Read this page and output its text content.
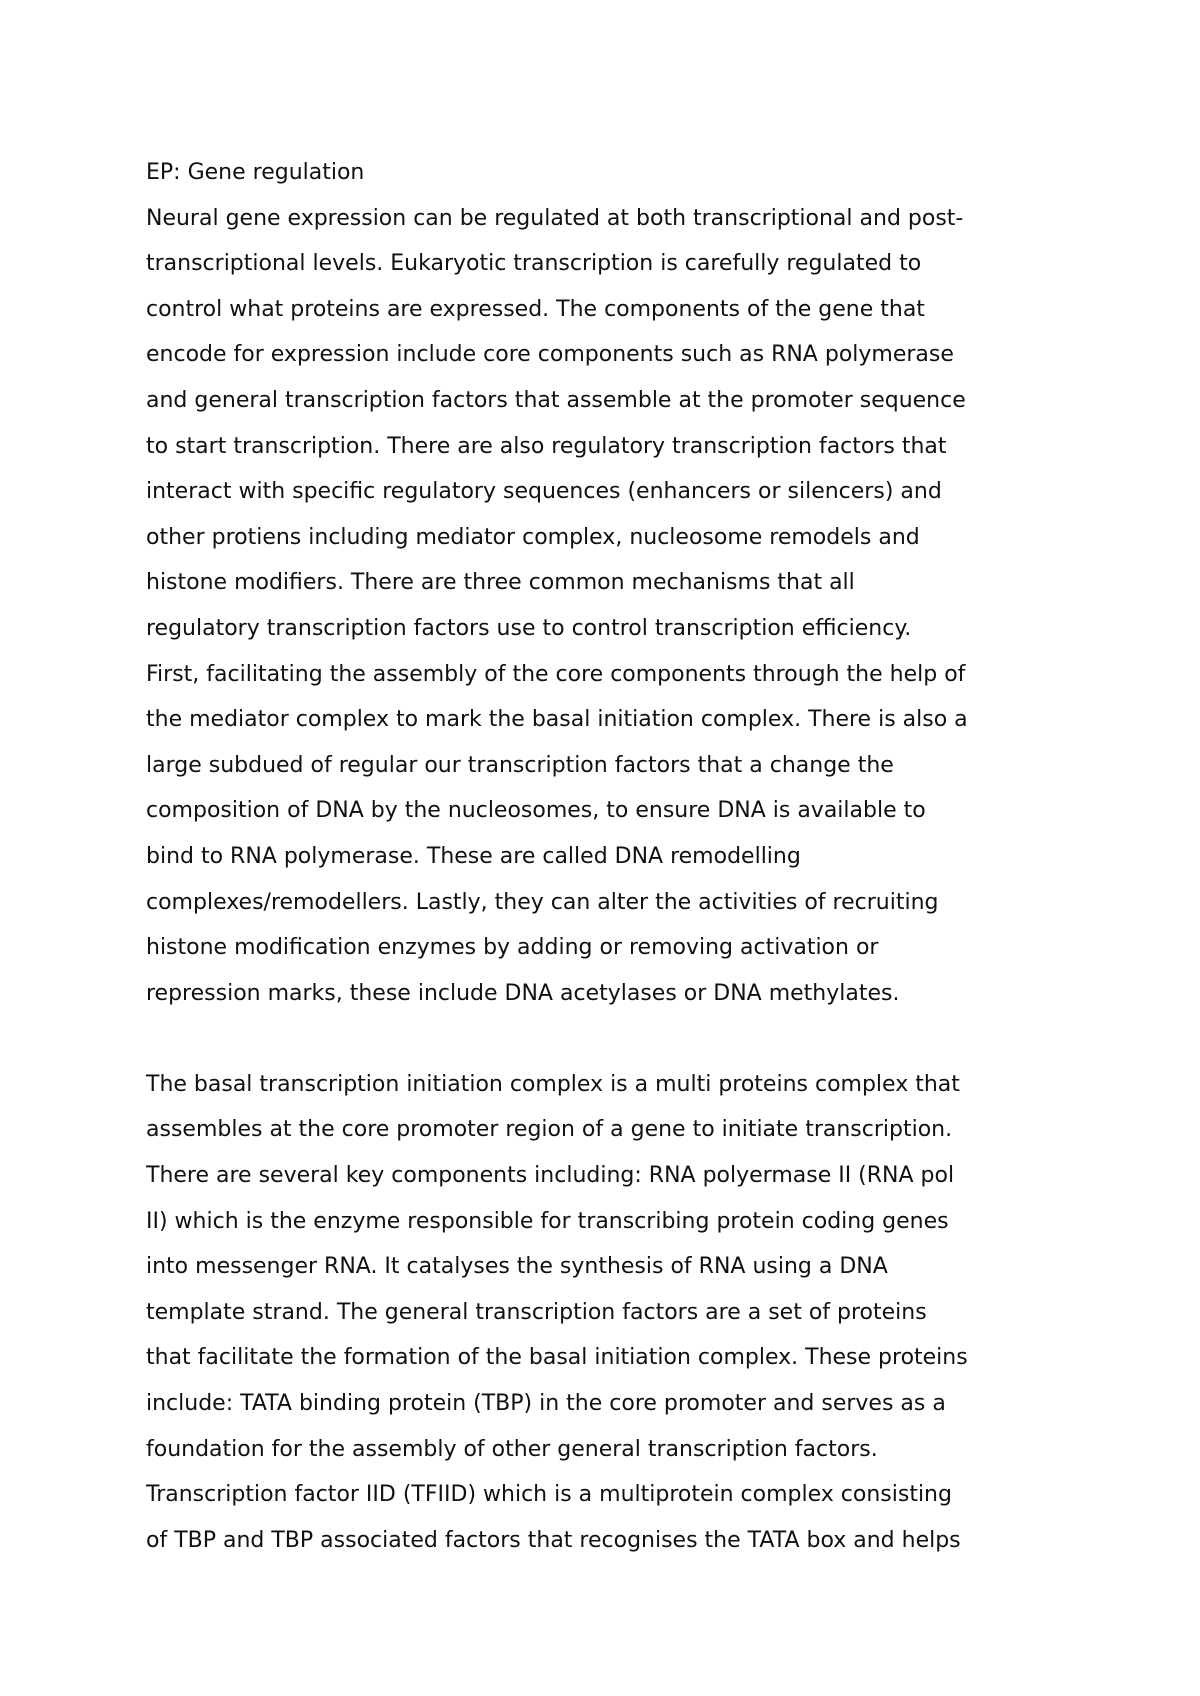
EP: Gene regulation
Neural gene expression can be regulated at both transcriptional and post-
transcriptional levels. Eukaryotic transcription is carefully regulated to
control what proteins are expressed. The components of the gene that
encode for expression include core components such as RNA polymerase
and general transcription factors that assemble at the promoter sequence
to start transcription. There are also regulatory transcription factors that
interact with specific regulatory sequences (enhancers or silencers) and
other protiens including mediator complex, nucleosome remodels and
histone modifiers. There are three common mechanisms that all
regulatory transcription factors use to control transcription efficiency.
First, facilitating the assembly of the core components through the help of
the mediator complex to mark the basal initiation complex. There is also a
large subdued of regular our transcription factors that a change the
composition of DNA by the nucleosomes, to ensure DNA is available to
bind to RNA polymerase. These are called DNA remodelling
complexes/remodellers. Lastly, they can alter the activities of recruiting
histone modification enzymes by adding or removing activation or
repression marks, these include DNA acetylases or DNA methylates.
The basal transcription initiation complex is a multi proteins complex that
assembles at the core promoter region of a gene to initiate transcription.
There are several key components including: RNA polyermase II (RNA pol
II) which is the enzyme responsible for transcribing protein coding genes
into messenger RNA. It catalyses the synthesis of RNA using a DNA
template strand. The general transcription factors are a set of proteins
that facilitate the formation of the basal initiation complex. These proteins
include: TATA binding protein (TBP) in the core promoter and serves as a
foundation for the assembly of other general transcription factors.
Transcription factor IID (TFIID) which is a multiprotein complex consisting
of TBP and TBP associated factors that recognises the TATA box and helps
